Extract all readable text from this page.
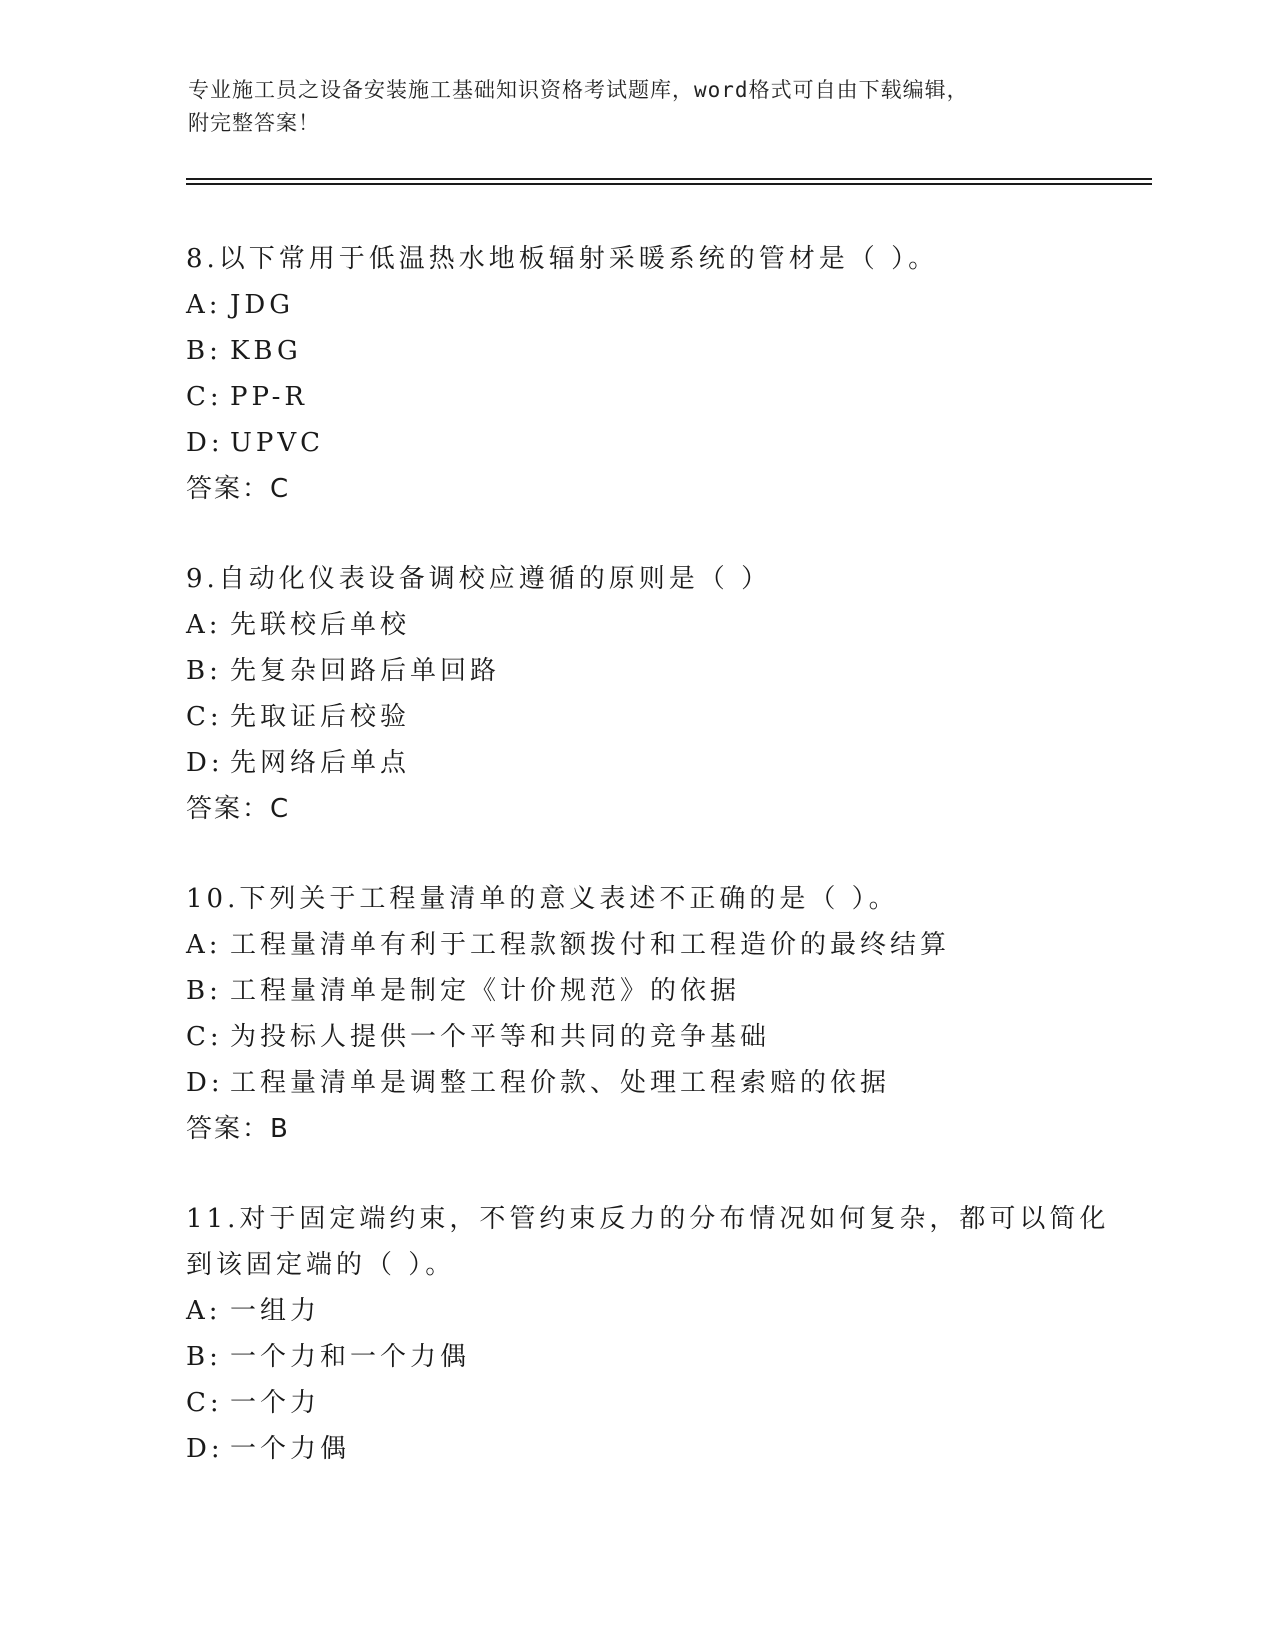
专业施工员之设备安装施工基础知识资格考试题库，word格式可自由下载编辑，
附完整答案！
8.以下常用于低温热水地板辐射采暖系统的管材是（ ）。
A: JDG
B: KBG
C: PP-R
D: UPVC
答案：C
9.自动化仪表设备调校应遵循的原则是（ ）
A: 先联校后单校
B: 先复杂回路后单回路
C: 先取证后校验
D: 先网络后单点
答案：C
10.下列关于工程量清单的意义表述不正确的是（ ）。
A: 工程量清单有利于工程款额拨付和工程造价的最终结算
B: 工程量清单是制定《计价规范》的依据
C: 为投标人提供一个平等和共同的竞争基础
D: 工程量清单是调整工程价款、处理工程索赔的依据
答案：B
11.对于固定端约束，不管约束反力的分布情况如何复杂，都可以简化
到该固定端的（ ）。
A: 一组力
B: 一个力和一个力偶
C: 一个力
D: 一个力偶
